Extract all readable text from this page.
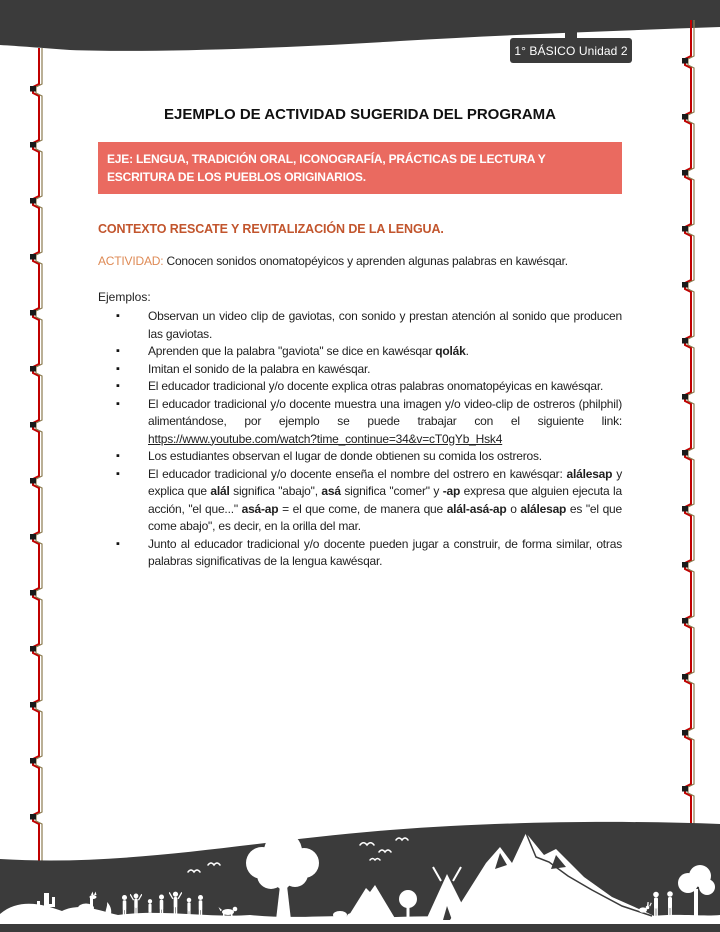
1° BÁSICO Unidad 2
EJEMPLO DE ACTIVIDAD SUGERIDA DEL PROGRAMA
EJE: LENGUA, TRADICIÓN ORAL, ICONOGRAFÍA, PRÁCTICAS DE LECTURA Y ESCRITURA DE LOS PUEBLOS ORIGINARIOS.
CONTEXTO RESCATE Y REVITALIZACIÓN DE LA LENGUA.

ACTIVIDAD: Conocen sonidos onomatopéyicos y aprenden algunas palabras en kawésqar.

Ejemplos:

▪ Observan un video clip de gaviotas, con sonido y prestan atención al sonido que producen las gaviotas.
▪ Aprenden que la palabra "gaviota" se dice en kawésqar qolák.
▪ Imitan el sonido de la palabra en kawésqar.
▪ El educador tradicional y/o docente explica otras palabras onomatopéyicas en kawésqar.
▪ El educador tradicional y/o docente muestra una imagen y/o video-clip de ostreros (philphil) alimentándose, por ejemplo se puede trabajar con el siguiente link: https://www.youtube.com/watch?time_continue=34&v=cT0gYb_Hsk4
▪ Los estudiantes observan el lugar de donde obtienen su comida los ostreros.
▪ El educador tradicional y/o docente enseña el nombre del ostrero en kawésqar: alálesap y explica que alál significa "abajo", asá significa "comer" y -ap expresa que alguien ejecuta la acción, "el que..." asá-ap = el que come, de manera que alál-asá-ap o alálesap es "el que come abajo", es decir, en la orilla del mar.
▪ Junto al educador tradicional y/o docente pueden jugar a construir, de forma similar, otras palabras significativas de la lengua kawésqar.
